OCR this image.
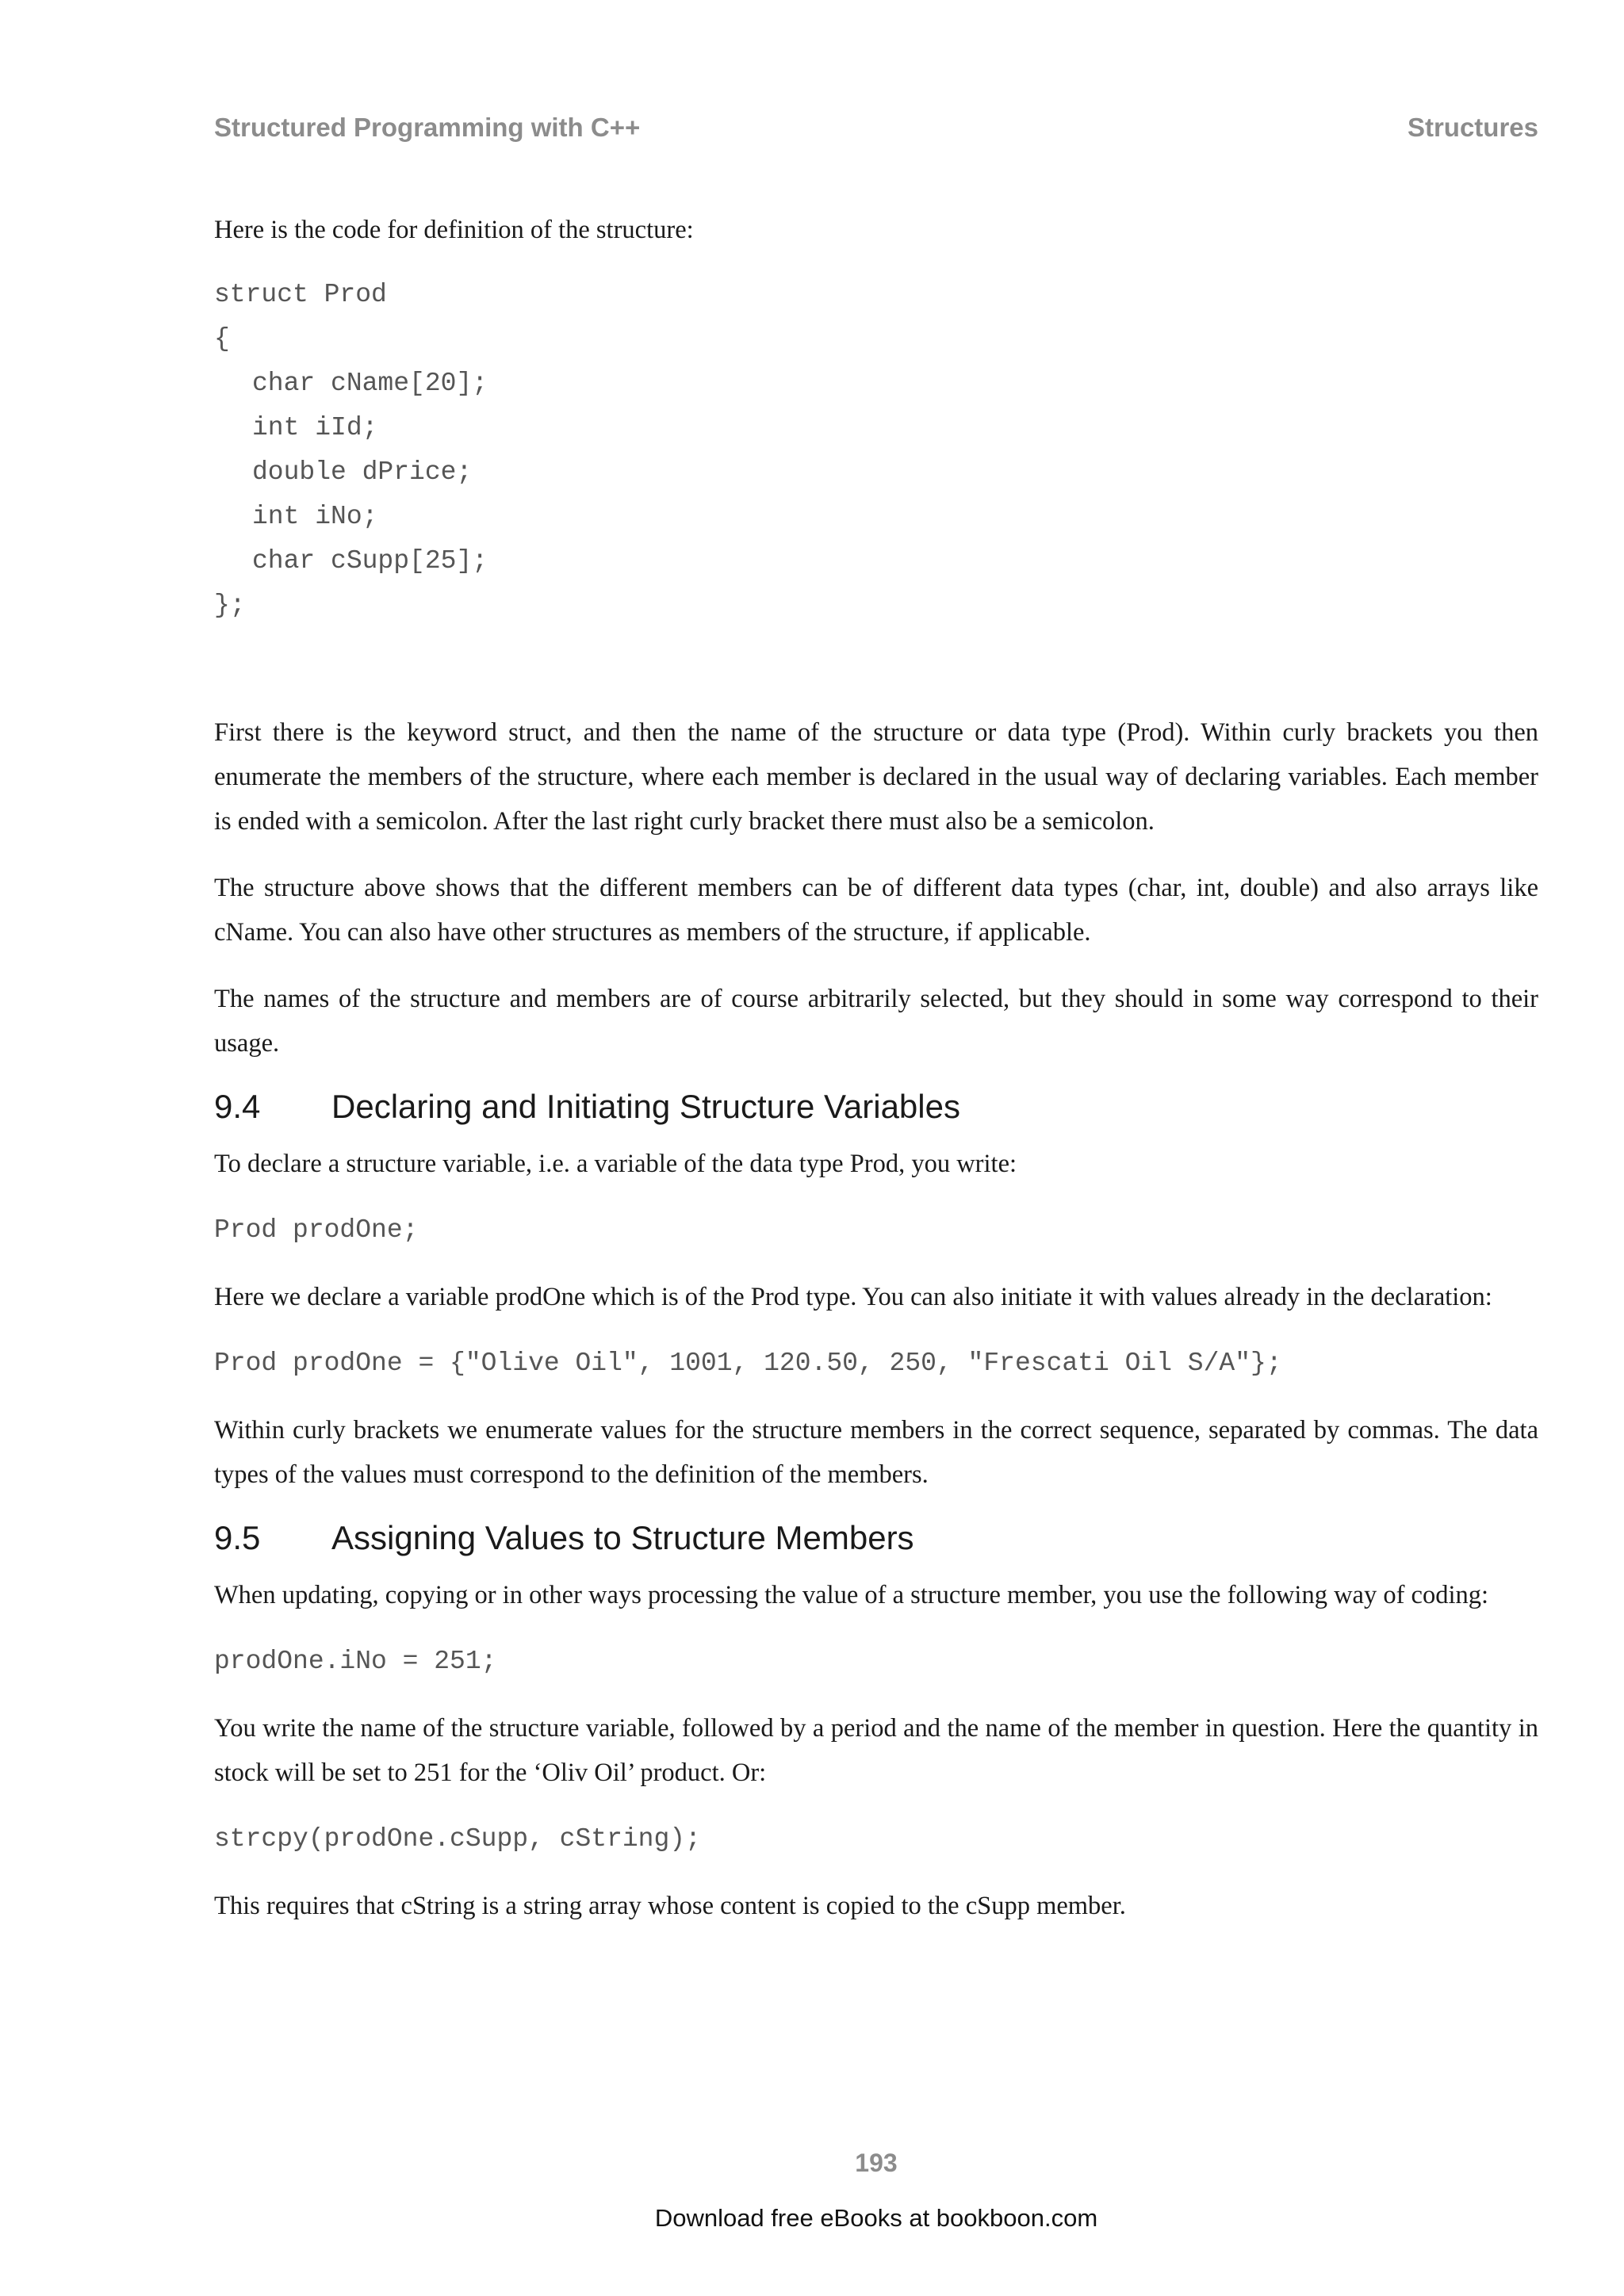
Structured Programming with C++	Structures

Here is the code for definition of the structure:

struct Prod
{
char cName[20];
int iId;
double dPrice;
int iNo;
char cSupp[25];
};

First there is the keyword struct, and then the name of the structure or data type (Prod). Within curly brackets you then enumerate the members of the structure, where each member is declared in the usual way of declaring variables. Each member is ended with a semicolon. After the last right curly bracket there must also be a semicolon.

The structure above shows that the different members can be of different data types (char, int, double) and also arrays like cName. You can also have other structures as members of the structure, if applicable.

The names of the structure and members are of course arbitrarily selected, but they should in some way correspond to their usage.

9.4 Declaring and Initiating Structure Variables

To declare a structure variable, i.e. a variable of the data type Prod, you write:

Prod prodOne;

Here we declare a variable prodOne which is of the Prod type. You can also initiate it with values already in the declaration:

Prod prodOne = {"Olive Oil", 1001, 120.50, 250, "Frescati Oil S/A"};

Within curly brackets we enumerate values for the structure members in the correct sequence, separated by commas. The data types of the values must correspond to the definition of the members.

9.5 Assigning Values to Structure Members

When updating, copying or in other ways processing the value of a structure member, you use the following way of coding:

prodOne.iNo = 251;

You write the name of the structure variable, followed by a period and the name of the member in question. Here the quantity in stock will be set to 251 for the ‘Oliv Oil’ product. Or:

strcpy(prodOne.cSupp, cString);

This requires that cString is a string array whose content is copied to the cSupp member.

193
Download free eBooks at bookboon.com
